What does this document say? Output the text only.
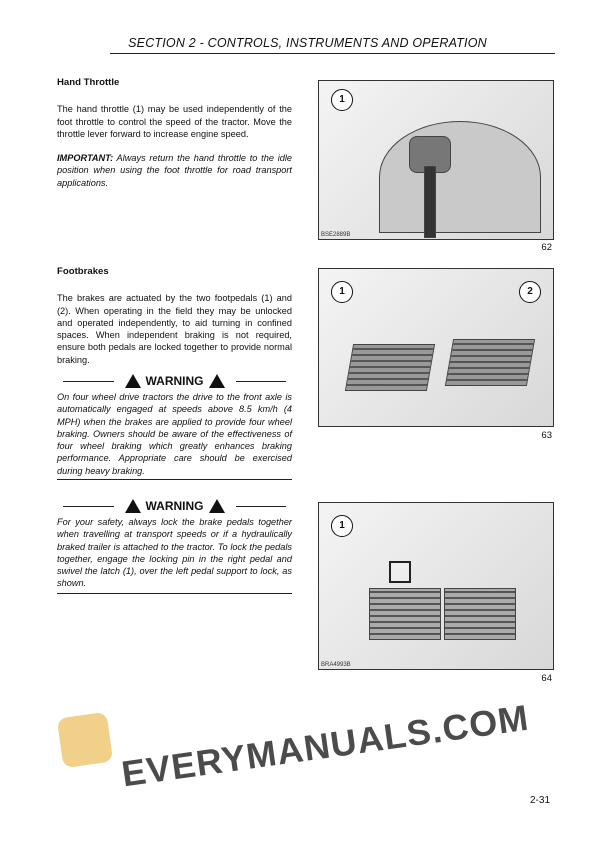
SECTION 2 - CONTROLS, INSTRUMENTS AND OPERATION
Hand Throttle

The hand throttle (1) may be used independently of the foot throttle to control the speed of the tractor. Move the throttle lever forward to increase engine speed.

IMPORTANT: Always return the hand throttle to the idle position when using the foot throttle for road transport applications.

Footbrakes

The brakes are actuated by the two footpedals (1) and (2). When operating in the field they may be unlocked and operated independently, to aid turning in confined spaces. When independent braking is not required, ensure both pedals are locked together to provide normal braking.

WARNING
On four wheel drive tractors the drive to the front axle is automatically engaged at speeds above 8.5 km/h (4 MPH) when the brakes are applied to provide four wheel braking. Owners should be aware of the effectiveness of four wheel braking which greatly enhances braking performance. Appropriate care should be exercised during heavy braking.
WARNING
For your safety, always lock the brake pedals together when travelling at transport speeds or if a hydraulically braked trailer is attached to the tractor. To lock the pedals together, engage the locking pin in the right pedal and swivel the latch (1), over the left pedal support to lock, as shown.
1
BSE2889B
62
1	2
63
1
BRA4993B
64
EVERYMANUALS.COM
2-31
